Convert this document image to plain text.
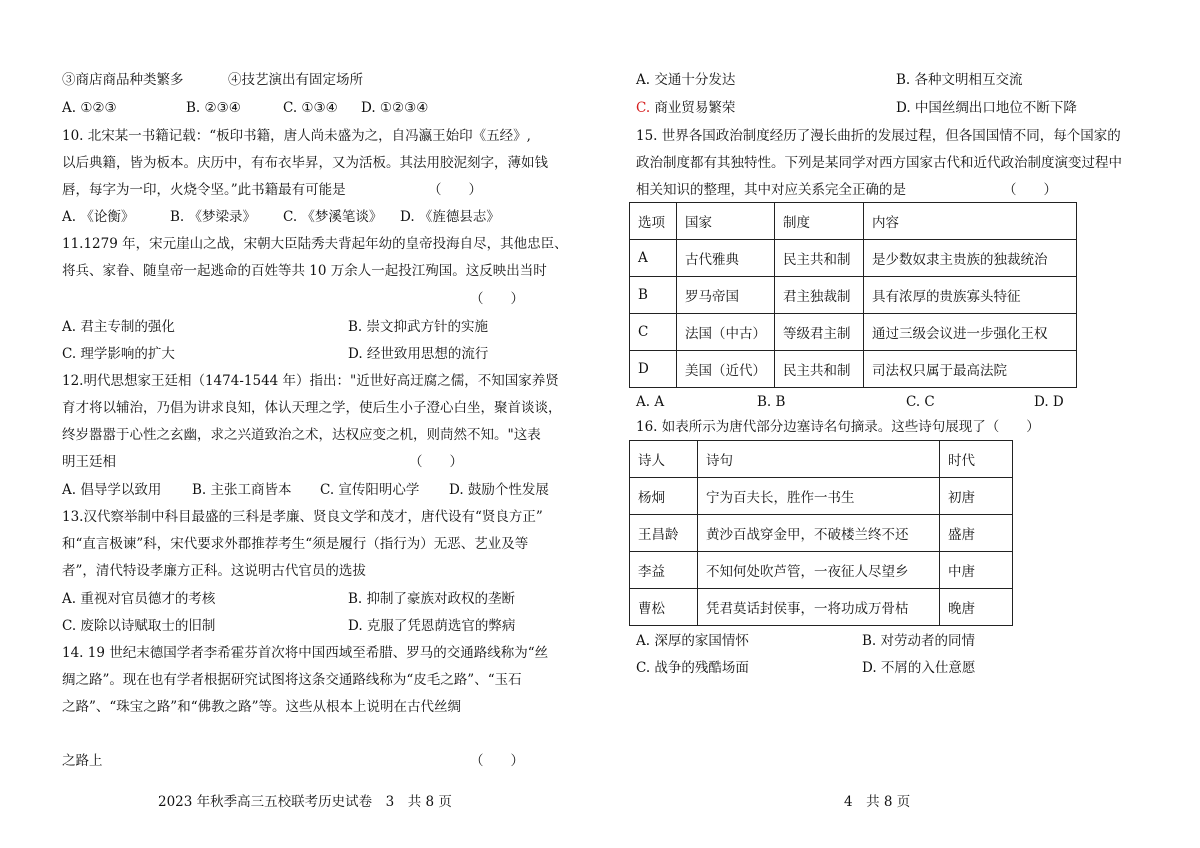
③商店商品种类繁多	④技艺演出有固定场所
A. ①②③	B. ②③④	C. ①③④ D. ①②③④
10. 北宋某一书籍记载：“板印书籍，唐人尚未盛为之，自冯瀛王始印《五经》,
以后典籍，皆为板本。庆历中，有布衣毕昇，又为活板。其法用胶泥刻字，薄如钱
唇，每字为一印，火烧令坚。”此书籍最有可能是	（　　）
A. 《论衡》	B. 《梦梁录》 C. 《梦溪笔谈》 D. 《旌德县志》
11.1279 年，宋元崖山之战，宋朝大臣陆秀夫背起年幼的皇帝投海自尽，其他忠臣、
将兵、家眷、随皇帝一起逃命的百姓等共 10 万余人一起投江殉国。这反映出当时
（　　）
A. 君主专制的强化	B. 崇文抑武方针的实施
C. 理学影响的扩大	D. 经世致用思想的流行
12.明代思想家王廷相（1474-1544 年）指出："近世好高迂腐之儒，不知国家养贤
育才将以辅治，乃倡为讲求良知，体认天理之学，使后生小子澄心白坐，聚首谈谈，
终岁嚣嚣于心性之玄幽，求之兴道致治之术，达权应变之机，则茼然不知。"这表
明王廷相	（　　）
A. 倡导学以致用 B. 主张工商皆本 C. 宣传阳明心学 D. 鼓励个性发展
13.汉代察举制中科目最盛的三科是孝廉、贤良文学和茂才，唐代设有“贤良方正”
和“直言极谏”科，宋代要求外郡推荐考生“须是履行（指行为）无恶、艺业及等
者”，清代特设孝廉方正科。这说明古代官员的选拔
A. 重视对官员德才的考核	B. 抑制了豪族对政权的垄断
C. 废除以诗赋取士的旧制	D. 克服了凭恩荫选官的弊病
14. 19 世纪末德国学者李希霍芬首次将中国西域至希腊、罗马的交通路线称为“丝
绸之路”。现在也有学者根据研究试图将这条交通路线称为“皮毛之路”、“玉石
之路”、“珠宝之路”和“佛教之路”等。这些从根本上说明在古代丝绸
之路上	（　　）
2023 年秋季高三五校联考历史试卷　3　共 8 页
A. 交通十分发达	B. 各种文明相互交流
C. 商业贸易繁荣	D. 中国丝绸出口地位不断下降
15. 世界各国政治制度经历了漫长曲折的发展过程，但各国国情不同，每个国家的
政治制度都有其独特性。下列是某同学对西方国家古代和近代政治制度演变过程中
相关知识的整理，其中对应关系完全正确的是	（　　）
选项	国家	制度	内容
A	古代雅典	民主共和制	是少数奴隶主贵族的独裁统治
B	罗马帝国	君主独裁制	具有浓厚的贵族寡头特征
C	法国（中古）	等级君主制	通过三级会议进一步强化王权
D	美国（近代）	民主共和制	司法权只属于最高法院
A. A	B. B	C. C	D. D
16. 如表所示为唐代部分边塞诗名句摘录。这些诗句展现了（　　）
诗人	诗句	时代
杨炯	宁为百夫长，胜作一书生	初唐
王昌龄	黄沙百战穿金甲，不破楼兰终不还	盛唐
李益	不知何处吹芦管，一夜征人尽望乡	中唐
曹松	凭君莫话封侯事，一将功成万骨枯	晚唐
A. 深厚的家国情怀	B. 对劳动者的同情
C. 战争的残酷场面	D. 不屑的入仕意愿
4　共 8 页
